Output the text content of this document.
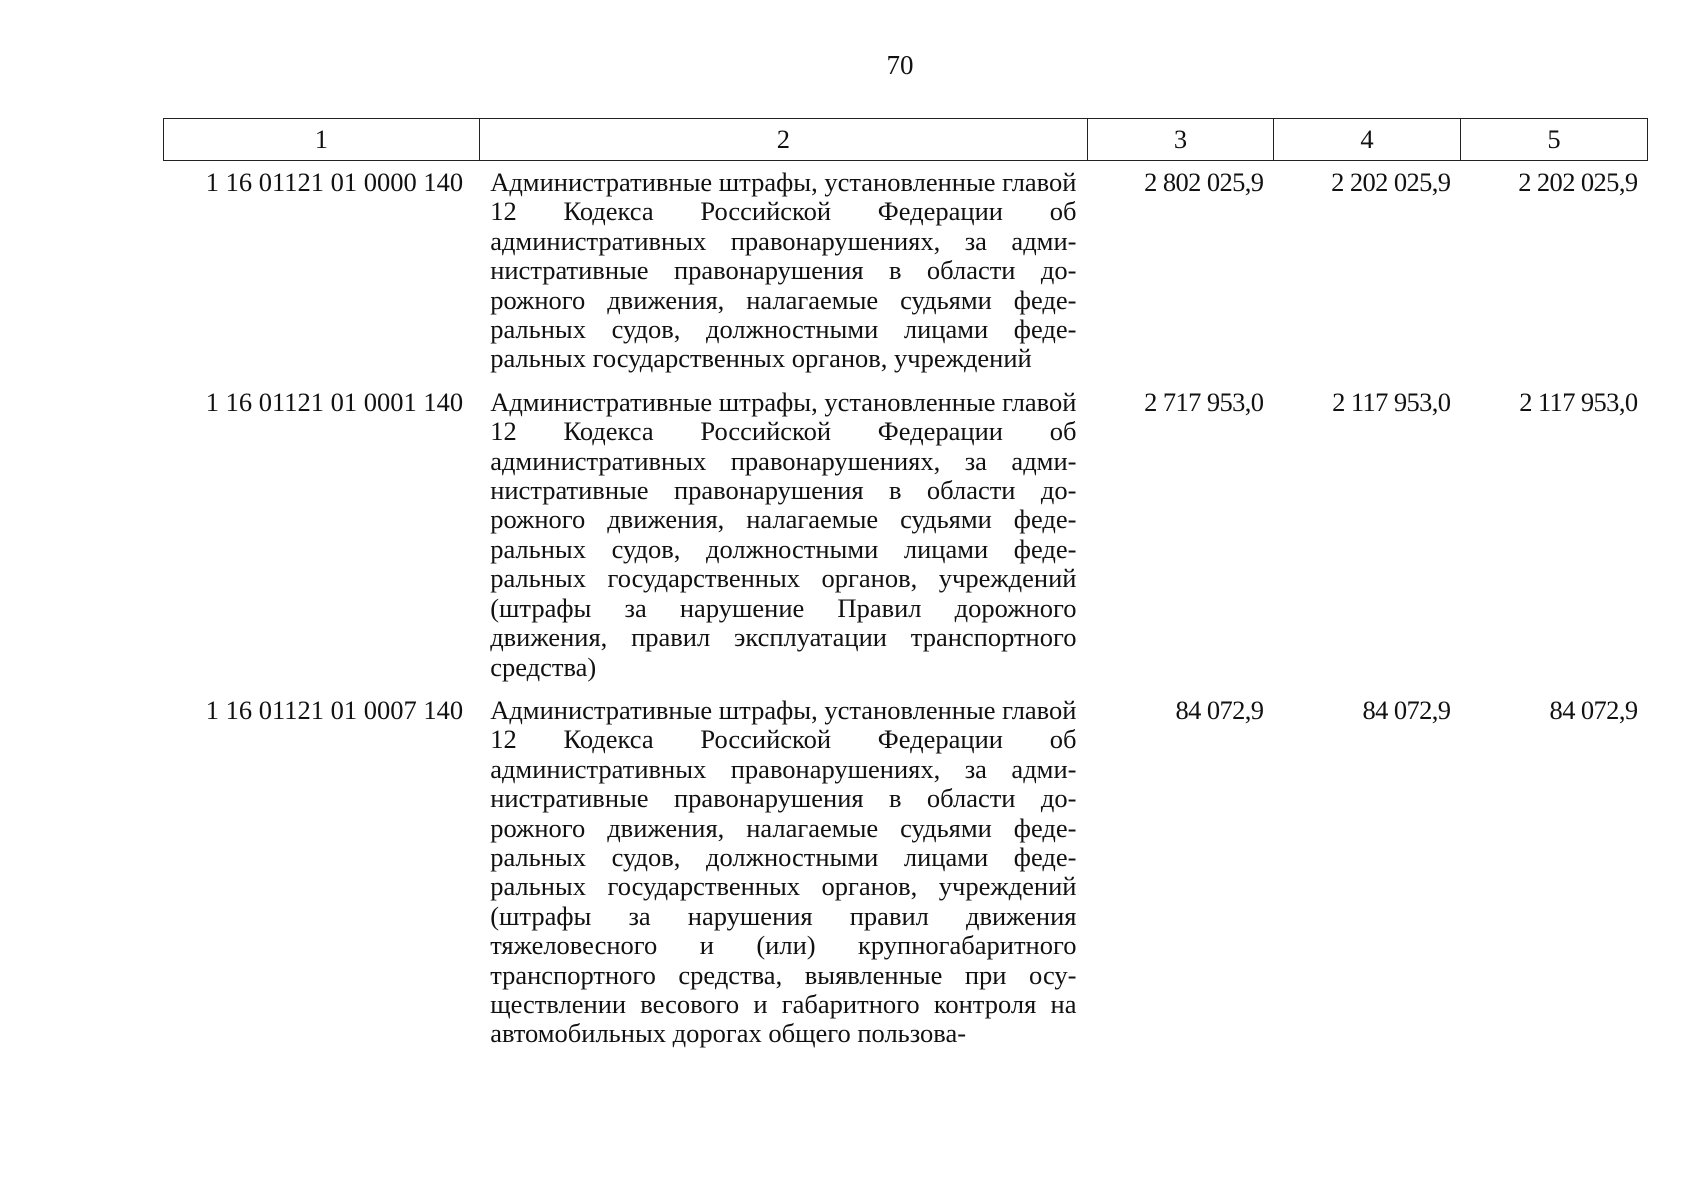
70
1	2	3	4	5
1 16 01121 01 0000 140	Административные штрафы, установленные главой 12 Кодекса Российской Федерации об административных правонарушениях, за административные правонарушения в области дорожного движения, налагаемые судьями федеральных судов, должностными лицами федеральных государственных органов, учреждений	2 802 025,9	2 202 025,9	2 202 025,9
1 16 01121 01 0001 140	Административные штрафы, установленные главой 12 Кодекса Российской Федерации об административных правонарушениях, за административные правонарушения в области дорожного движения, налагаемые судьями федеральных судов, должностными лицами федеральных государственных органов, учреждений (штрафы за нарушение Правил дорожного движения, правил эксплуатации транспортного средства)	2 717 953,0	2 117 953,0	2 117 953,0
1 16 01121 01 0007 140	Административные штрафы, установленные главой 12 Кодекса Российской Федерации об административных правонарушениях, за административные правонарушения в области дорожного движения, налагаемые судьями федеральных судов, должностными лицами федеральных государственных органов, учреждений (штрафы за нарушения правил движения тяжеловесного и (или) крупногабаритного транспортного средства, выявленные при осуществлении весового и габаритного контроля на автомобильных дорогах общего пользова-	84 072,9	84 072,9	84 072,9
